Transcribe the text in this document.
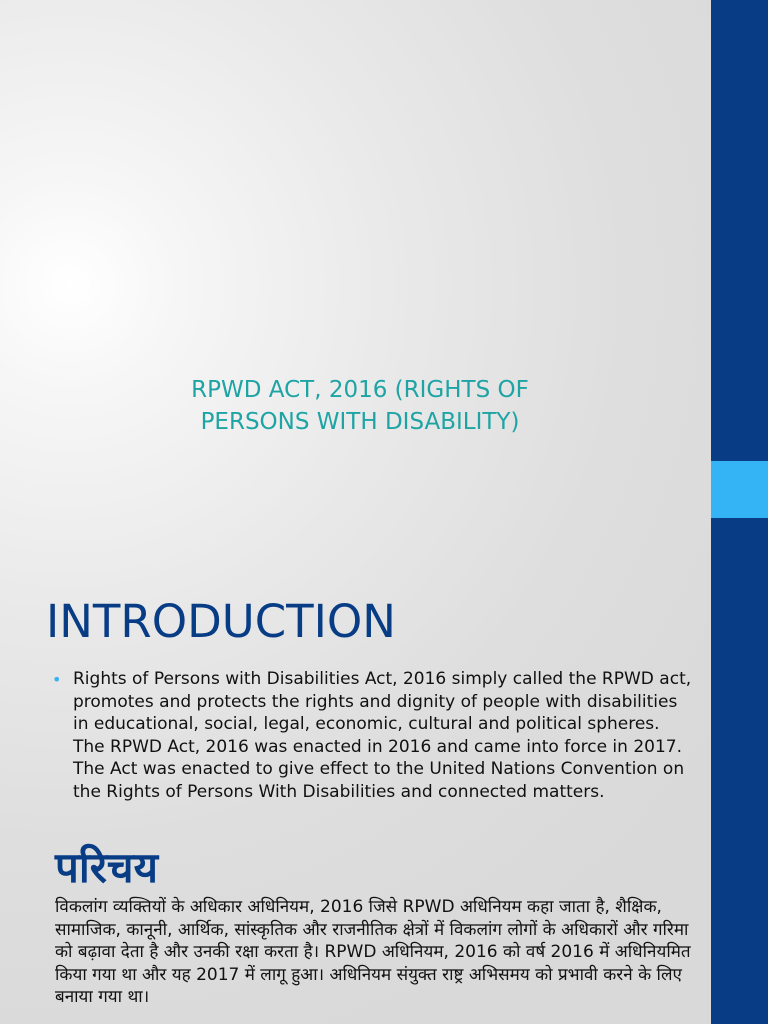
RPWD ACT, 2016 (RIGHTS OF
PERSONS WITH DISABILITY)
INTRODUCTION
• Rights of Persons with Disabilities Act, 2016 simply called the RPWD act, promotes and protects the rights and dignity of people with disabilities in educational, social, legal, economic, cultural and political spheres. The RPWD Act, 2016 was enacted in 2016 and came into force in 2017. The Act was enacted to give effect to the United Nations Convention on the Rights of Persons With Disabilities and connected matters.

परिचय

विकलांग व्यक्तियों के अधिकार अधिनियम, 2016 जिसे RPWD अधिनियम कहा जाता है, शैक्षिक, सामाजिक, कानूनी, आर्थिक, सांस्कृतिक और राजनीतिक क्षेत्रों में विकलांग लोगों के अधिकारों और गरिमा को बढ़ावा देता है और उनकी रक्षा करता है। RPWD अधिनियम, 2016 को वर्ष 2016 में अधिनियमित किया गया था और यह 2017 में लागू हुआ। अधिनियम संयुक्त राष्ट्र अभिसमय को प्रभावी करने के लिए बनाया गया था।
